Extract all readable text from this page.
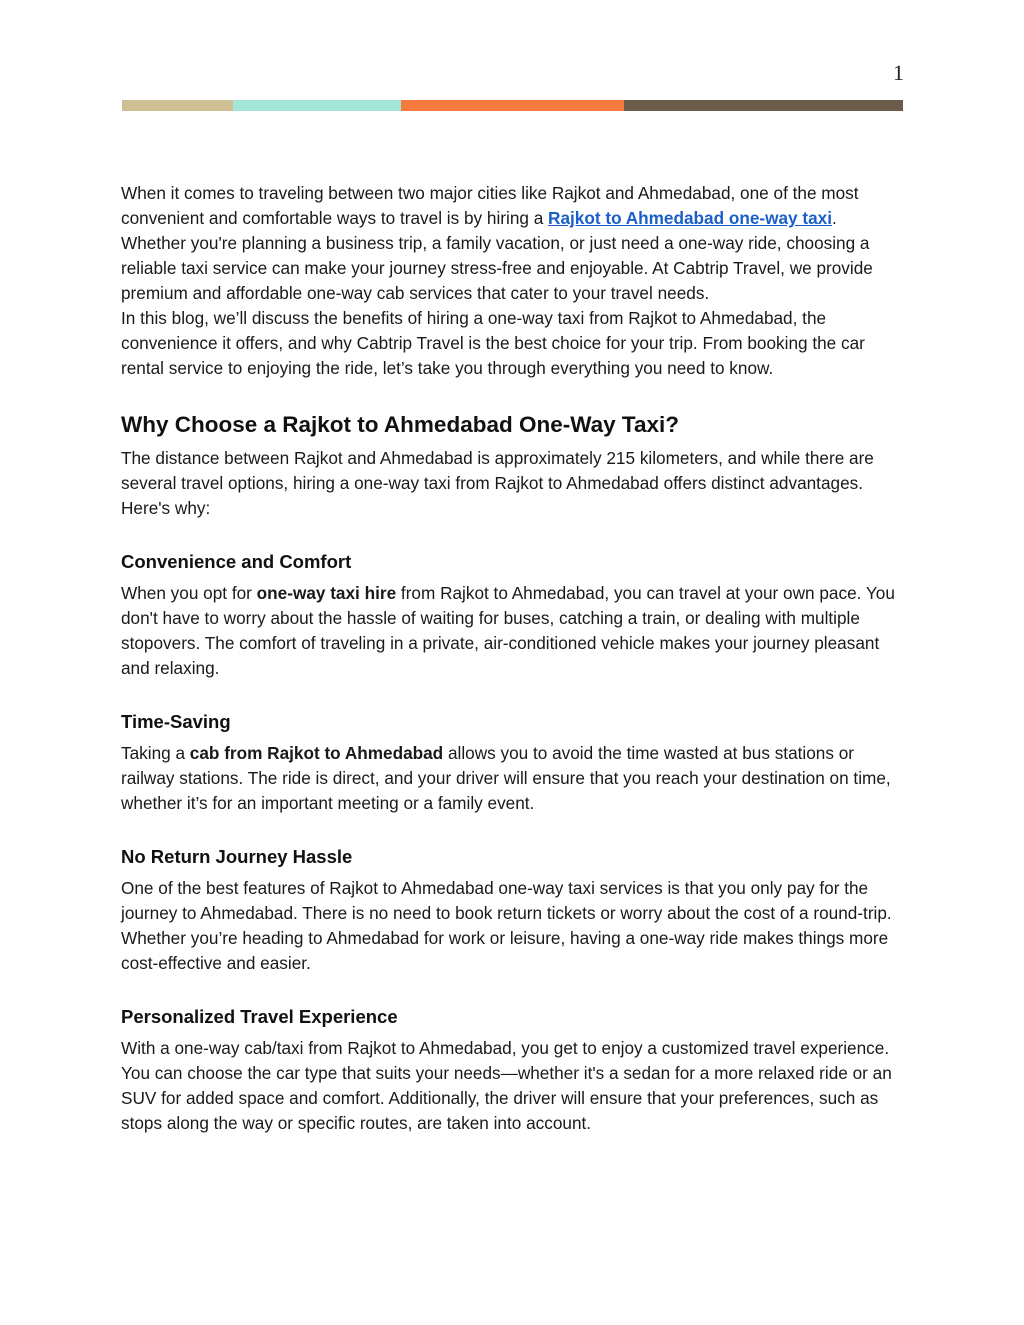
1

When it comes to traveling between two major cities like Rajkot and Ahmedabad, one of the most convenient and comfortable ways to travel is by hiring a Rajkot to Ahmedabad one-way taxi. Whether you're planning a business trip, a family vacation, or just need a one-way ride, choosing a reliable taxi service can make your journey stress-free and enjoyable. At Cabtrip Travel, we provide premium and affordable one-way cab services that cater to your travel needs.

In this blog, we’ll discuss the benefits of hiring a one-way taxi from Rajkot to Ahmedabad, the convenience it offers, and why Cabtrip Travel is the best choice for your trip. From booking the car rental service to enjoying the ride, let’s take you through everything you need to know.

Why Choose a Rajkot to Ahmedabad One-Way Taxi?

The distance between Rajkot and Ahmedabad is approximately 215 kilometers, and while there are several travel options, hiring a one-way taxi from Rajkot to Ahmedabad offers distinct advantages. Here's why:

Convenience and Comfort

When you opt for one-way taxi hire from Rajkot to Ahmedabad, you can travel at your own pace. You don't have to worry about the hassle of waiting for buses, catching a train, or dealing with multiple stopovers. The comfort of traveling in a private, air-conditioned vehicle makes your journey pleasant and relaxing.

Time-Saving

Taking a cab from Rajkot to Ahmedabad allows you to avoid the time wasted at bus stations or railway stations. The ride is direct, and your driver will ensure that you reach your destination on time, whether it’s for an important meeting or a family event.

No Return Journey Hassle

One of the best features of Rajkot to Ahmedabad one-way taxi services is that you only pay for the journey to Ahmedabad. There is no need to book return tickets or worry about the cost of a round-trip. Whether you’re heading to Ahmedabad for work or leisure, having a one-way ride makes things more cost-effective and easier.

Personalized Travel Experience

With a one-way cab/taxi from Rajkot to Ahmedabad, you get to enjoy a customized travel experience. You can choose the car type that suits your needs—whether it's a sedan for a more relaxed ride or an SUV for added space and comfort. Additionally, the driver will ensure that your preferences, such as stops along the way or specific routes, are taken into account.
